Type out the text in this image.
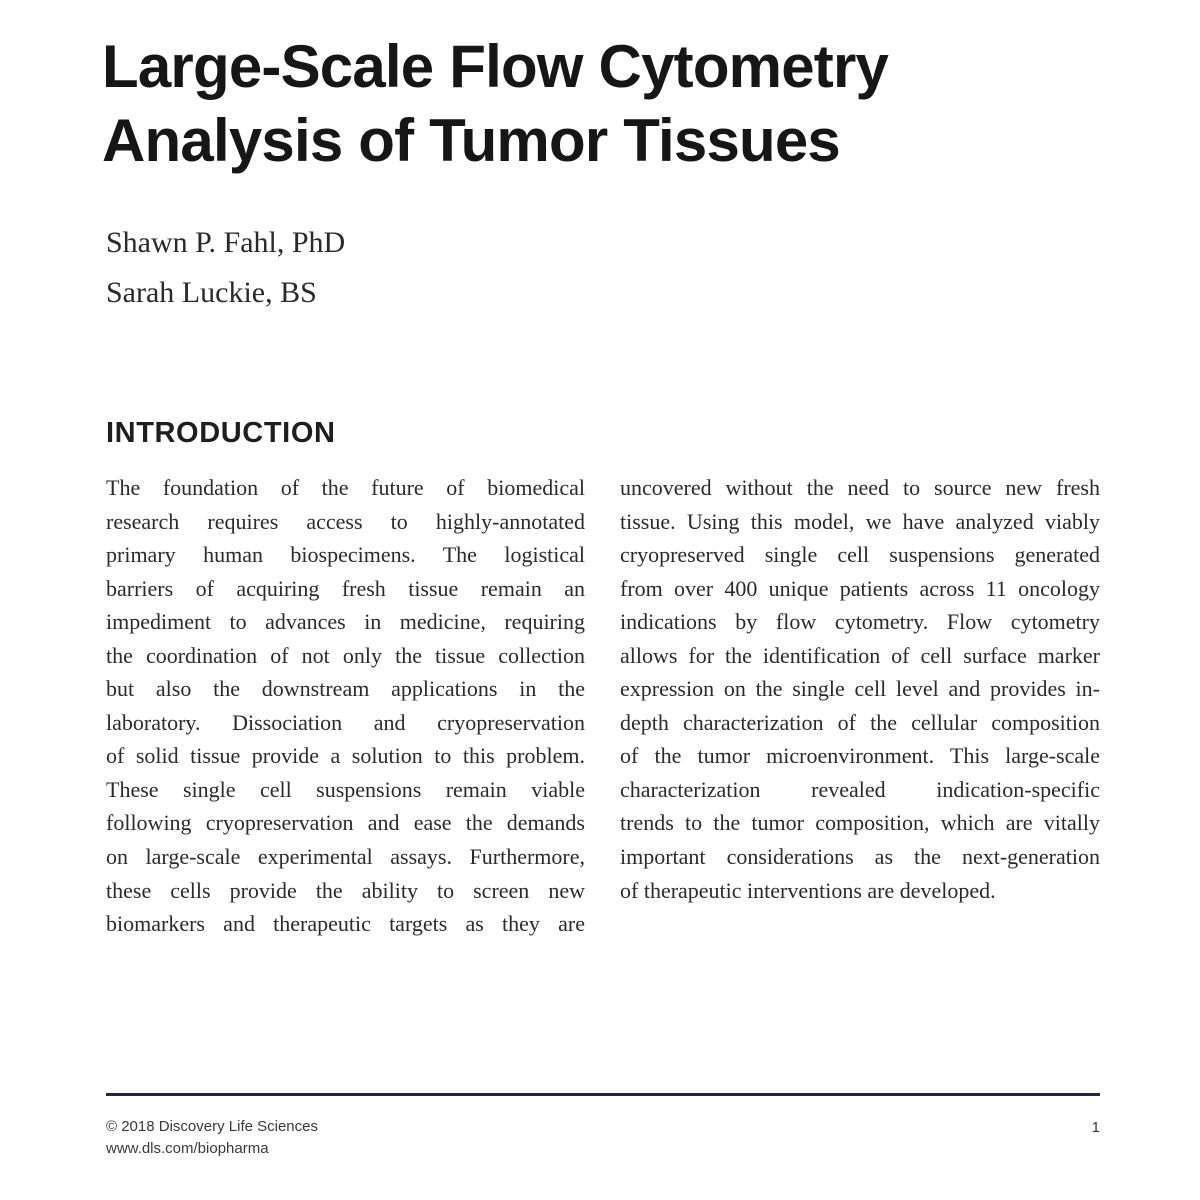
Large-Scale Flow Cytometry
Analysis of Tumor Tissues
Shawn P. Fahl, PhD
Sarah Luckie, BS
INTRODUCTION
The foundation of the future of biomedical
research requires access to highly-annotated
primary human biospecimens. The logistical
barriers of acquiring fresh tissue remain an
impediment to advances in medicine, requiring
the coordination of not only the tissue collection
but also the downstream applications in the
laboratory. Dissociation and cryopreservation
of solid tissue provide a solution to this problem.
These single cell suspensions remain viable
following cryopreservation and ease the demands
on large-scale experimental assays. Furthermore,
these cells provide the ability to screen new
biomarkers and therapeutic targets as they are
uncovered without the need to source new fresh
tissue. Using this model, we have analyzed viably
cryopreserved single cell suspensions generated
from over 400 unique patients across 11 oncology
indications by flow cytometry. Flow cytometry
allows for the identification of cell surface marker
expression on the single cell level and provides in-
depth characterization of the cellular composition
of the tumor microenvironment. This large-scale
characterization revealed indication-specific
trends to the tumor composition, which are vitally
important considerations as the next-generation
of therapeutic interventions are developed.
© 2018 Discovery Life Sciences
www.dls.com/biopharma
1
